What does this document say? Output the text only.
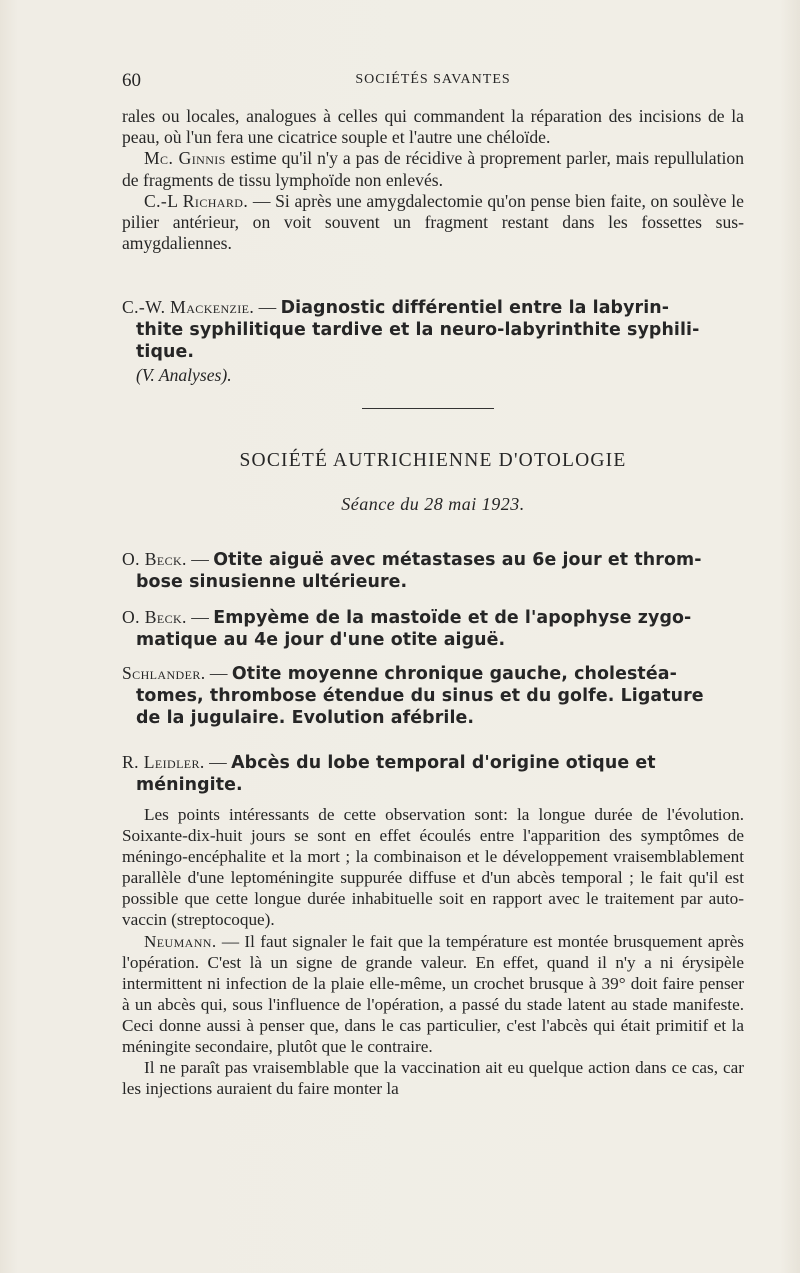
60	SOCIÉTÉS SAVANTES

rales ou locales, analogues à celles qui commandent la réparation des incisions de la peau, où l'un fera une cicatrice souple et l'autre une chéloïde.

Mc. Ginnis estime qu'il n'y a pas de récidive à proprement parler, mais repullulation de fragments de tissu lymphoïde non enlevés.

C.-L Richard. — Si après une amygdalectomie qu'on pense bien faite, on soulève le pilier antérieur, on voit souvent un fragment restant dans les fossettes sus-amygdaliennes.

C.-W. Mackenzie. — Diagnostic différentiel entre la labyrin-

thite syphilitique tardive et la neuro-labyrinthite syphili-

tique.

(V. Analyses).

SOCIÉTÉ AUTRICHIENNE D'OTOLOGIE
Séance du 28 mai 1923.

O. Beck. — Otite aiguë avec métastases au 6e jour et throm-

bose sinusienne ultérieure.

O. Beck. — Empyème de la mastoïde et de l'apophyse zygo-

matique au 4e jour d'une otite aiguë.

Schlander. — Otite moyenne chronique gauche, cholestéa-

tomes, thrombose étendue du sinus et du golfe. Ligature

de la jugulaire. Evolution afébrile.

R. Leidler. — Abcès du lobe temporal d'origine otique et

méningite.

Les points intéressants de cette observation sont: la longue durée de l'évolution. Soixante-dix-huit jours se sont en effet écoulés entre l'apparition des symptômes de méningo-encéphalite et la mort ; la combinaison et le développement vraisemblablement parallèle d'une leptoméningite suppurée diffuse et d'un abcès temporal ; le fait qu'il est possible que cette longue durée inhabituelle soit en rapport avec le traitement par auto-vaccin (streptocoque).

Neumann. — Il faut signaler le fait que la température est montée brusquement après l'opération. C'est là un signe de grande valeur. En effet, quand il n'y a ni érysipèle intermittent ni infection de la plaie elle-même, un crochet brusque à 39° doit faire penser à un abcès qui, sous l'influence de l'opération, a passé du stade latent au stade manifeste. Ceci donne aussi à penser que, dans le cas particulier, c'est l'abcès qui était primitif et la méningite secondaire, plutôt que le contraire.

Il ne paraît pas vraisemblable que la vaccination ait eu quelque action dans ce cas, car les injections auraient du faire monter la
